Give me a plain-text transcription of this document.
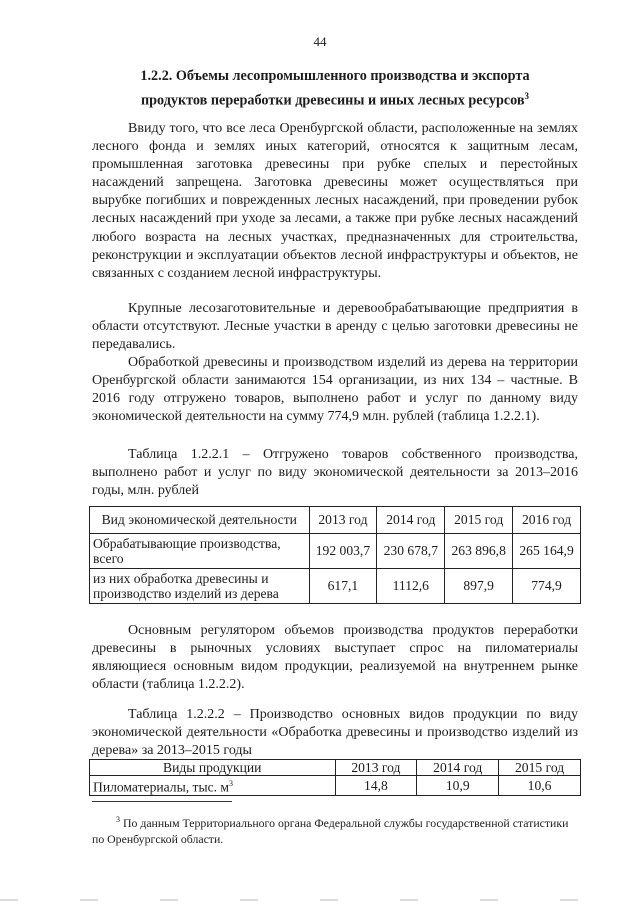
44
1.2.2. Объемы лесопромышленного производства и экспорта
продуктов переработки древесины и иных лесных ресурсов$^3$

Ввиду того, что все леса Оренбургской области, расположенные на землях лесного фонда и землях иных категорий, относятся к защитным лесам, промышленная заготовка древесины при рубке спелых и перестойных насаждений запрещена. Заготовка древесины может осуществляться при вырубке погибших и поврежденных лесных насаждений, при проведении рубок лесных насаждений при уходе за лесами, а также при рубке лесных насаждений любого возраста на лесных участках, предназначенных для строительства, реконструкции и эксплуатации объектов лесной инфраструктуры и объектов, не связанных с созданием лесной инфраструктуры.

Крупные лесозаготовительные и деревообрабатывающие предприятия в области отсутствуют. Лесные участки в аренду с целью заготовки древесины не передавались.

Обработкой древесины и производством изделий из дерева на территории Оренбургской области занимаются 154 организации, из них 134 – частные. В 2016 году отгружено товаров, выполнено работ и услуг по данному виду экономической деятельности на сумму 774,9 млн. рублей (таблица 1.2.2.1).

Таблица 1.2.2.1 – Отгружено товаров собственного производства, выполнено работ и услуг по виду экономической деятельности за 2013–2016 годы, млн. рублей

Вид экономической деятельности	2013 год	2014 год	2015 год	2016 год
Обрабатывающие производства, всего	192 003,7	230 678,7	263 896,8	265 164,9
из них обработка древесины и производство изделий из дерева	617,1	1112,6	897,9	774,9

Основным регулятором объемов производства продуктов переработки древесины в рыночных условиях выступает спрос на пиломатериалы являющиеся основным видом продукции, реализуемой на внутреннем рынке области (таблица 1.2.2.2).

Таблица 1.2.2.2 – Производство основных видов продукции по виду экономической деятельности «Обработка древесины и производство изделий из дерева» за 2013–2015 годы

Виды продукции	2013 год	2014 год	2015 год
Пиломатериалы, тыс. $м^3$	14,8	10,9	10,6

$^3$ По данным Территориального органа Федеральной службы государственной статистики по Оренбургской области.
